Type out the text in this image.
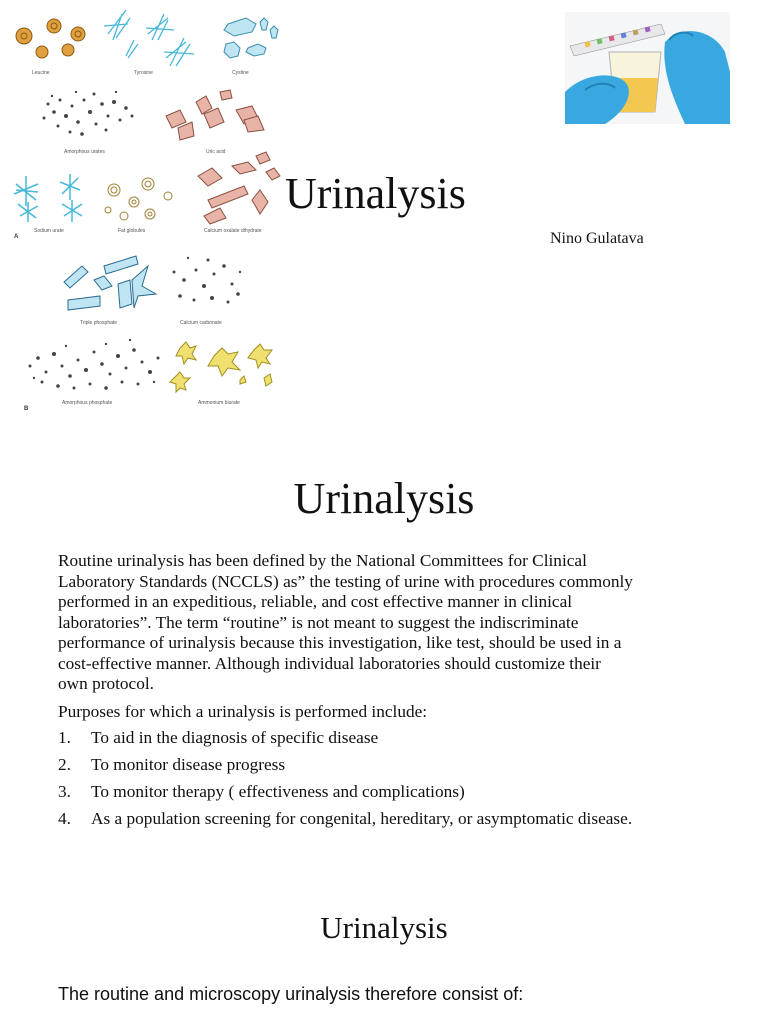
Leucine	Tyrosine	Cystine
Amorphous urates	Uric acid
Sodium urate	Fat globules	Calcium oxalate dihydrate
Triple phosphate	Calcium carbonate
Amorphous phosphate	Ammonium biurate
A
B
Urinalysis
Nino Gulatava
Urinalysis

Routine urinalysis has been defined by the National Committees for Clinical

Laboratory Standards (NCCLS) as” the testing of urine with procedures commonly

performed in an expeditious, reliable, and cost effective manner in clinical

laboratories”. The term “routine” is not meant to suggest the indiscriminate

performance of urinalysis because this investigation, like test, should be used in a

cost-effective manner. Although individual laboratories should customize their

own protocol.

Purposes for which a urinalysis is performed include:
1. To aid in the diagnosis of specific disease
2. To monitor disease progress
3. To monitor therapy ( effectiveness and complications)
4. As a population screening for congenital, hereditary, or asymptomatic disease.
Urinalysis
The routine and microscopy urinalysis therefore consist of:
